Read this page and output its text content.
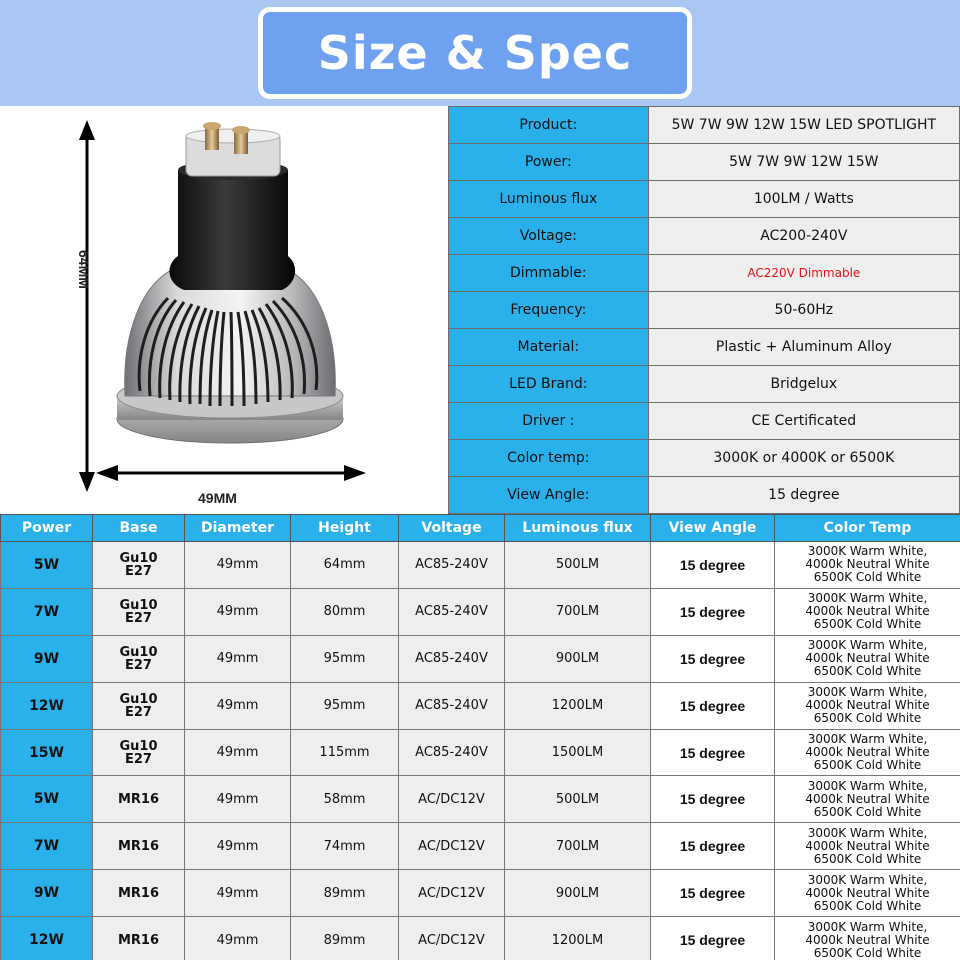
Size & Spec
64MM
49MM
Product:	5W 7W 9W 12W 15W LED SPOTLIGHT
Power:	5W 7W 9W 12W 15W
Luminous flux	100LM / Watts
Voltage:	AC200-240V
Dimmable:	AC220V Dimmable
Frequency:	50-60Hz
Material:	Plastic + Aluminum Alloy
LED Brand:	Bridgelux
Driver :	CE Certificated
Color temp:	3000K or 4000K or 6500K
View Angle:	15 degree
Power	Base	Diameter	Height	Voltage	Luminous flux	View Angle	Color Temp
5W	Gu10
E27	49mm	64mm	AC85-240V	500LM	15 degree	3000K Warm White,
4000k Neutral White
6500K Cold White

7W	Gu10
E27	49mm	80mm	AC85-240V	700LM	15 degree	3000K Warm White,
4000k Neutral White
6500K Cold White

9W	Gu10
E27	49mm	95mm	AC85-240V	900LM	15 degree	3000K Warm White,
4000k Neutral White
6500K Cold White

12W	Gu10
E27	49mm	95mm	AC85-240V	1200LM	15 degree	3000K Warm White,
4000k Neutral White
6500K Cold White

15W	Gu10
E27	49mm	115mm	AC85-240V	1500LM	15 degree	3000K Warm White,
4000k Neutral White
6500K Cold White

5W	MR16	49mm	58mm	AC/DC12V	500LM	15 degree	3000K Warm White,
4000k Neutral White
6500K Cold White

7W	MR16	49mm	74mm	AC/DC12V	700LM	15 degree	3000K Warm White,
4000k Neutral White
6500K Cold White

9W	MR16	49mm	89mm	AC/DC12V	900LM	15 degree	3000K Warm White,
4000k Neutral White
6500K Cold White

12W	MR16	49mm	89mm	AC/DC12V	1200LM	15 degree	3000K Warm White,
4000k Neutral White
6500K Cold White
